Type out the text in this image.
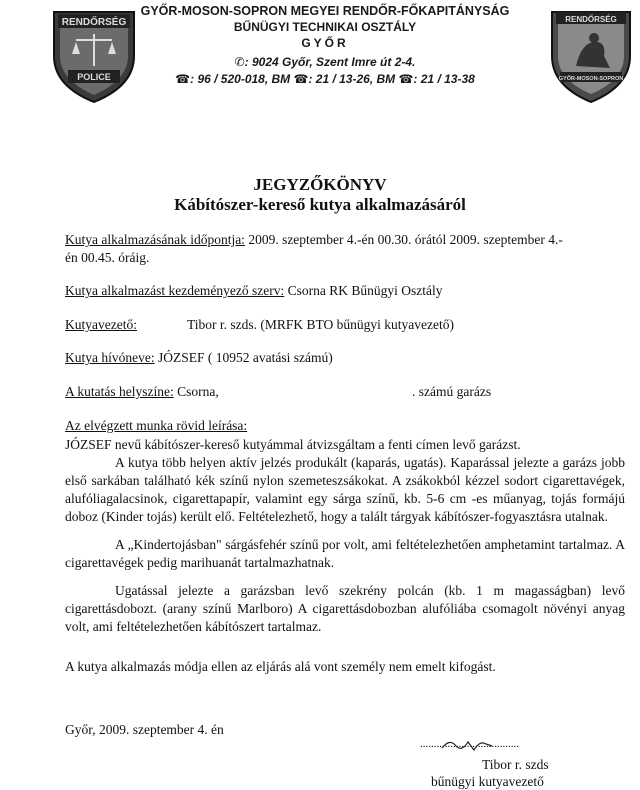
RENDŐRSÉG
POLICE
RENDŐRSÉG
GYŐR-MOSON-SOPRON
GYŐR-MOSON-SOPRON MEGYEI RENDŐR-FŐKAPITÁNYSÁG
BŰNÜGYI TECHNIKAI OSZTÁLY
GYŐR
✆: 9024 Győr, Szent Imre út 2-4.
☎: 96 / 520-018, BM ☎: 21 / 13-26, BM ☎: 21 / 13-38
JEGYZŐKÖNYV
Kábítószer-kereső kutya alkalmazásáról
Kutya alkalmazásának időpontja: 2009. szeptember 4.-én 00.30. órától 2009. szeptember 4.-
én 00.45. óráig.
Kutya alkalmazást kezdeményező szerv: Csorna RK Bűnügyi Osztály
Kutyavezető:	Tibor r. szds. (MRFK BTO bűnügyi kutyavezető)
Kutya hívóneve: JÓZSEF ( 10952 avatási számú)
A kutatás helyszíne: Csorna,	. számú garázs
Az elvégzett munka rövid leírása:

JÓZSEF nevű kábítószer-kereső kutyámmal átvizsgáltam a fenti címen levő garázst.

A kutya több helyen aktív jelzés produkált (kaparás, ugatás). Kaparással jelezte a garázs jobb első sarkában található kék színű nylon szemeteszsákokat. A zsákokból kézzel sodort cigarettavégek, alufóliagalacsinok, cigarettapapír, valamint egy sárga színű, kb. 5-6 cm -es műanyag, tojás formájú doboz (Kinder tojás) került elő. Feltételezhető, hogy a talált tárgyak kábítószer-fogyasztásra utalnak.

A „Kindertojásban" sárgásfehér színű por volt, ami feltételezhetően amphetamint tartalmaz. A cigarettavégek pedig marihuanát tartalmazhatnak.

Ugatással jelezte a garázsban levő szekrény polcán (kb. 1 m magasságban) levő cigarettásdobozt. (arany színű Marlboro) A cigarettásdobozban alufóliába csomagolt növényi anyag volt, ami feltételezhetően kábítószert tartalmaz.

A kutya alkalmazás módja ellen az eljárás alá vont személy nem emelt kifogást.
Győr, 2009. szeptember 4. én
....................................
Tibor r. szds
bűnügyi kutyavezető
